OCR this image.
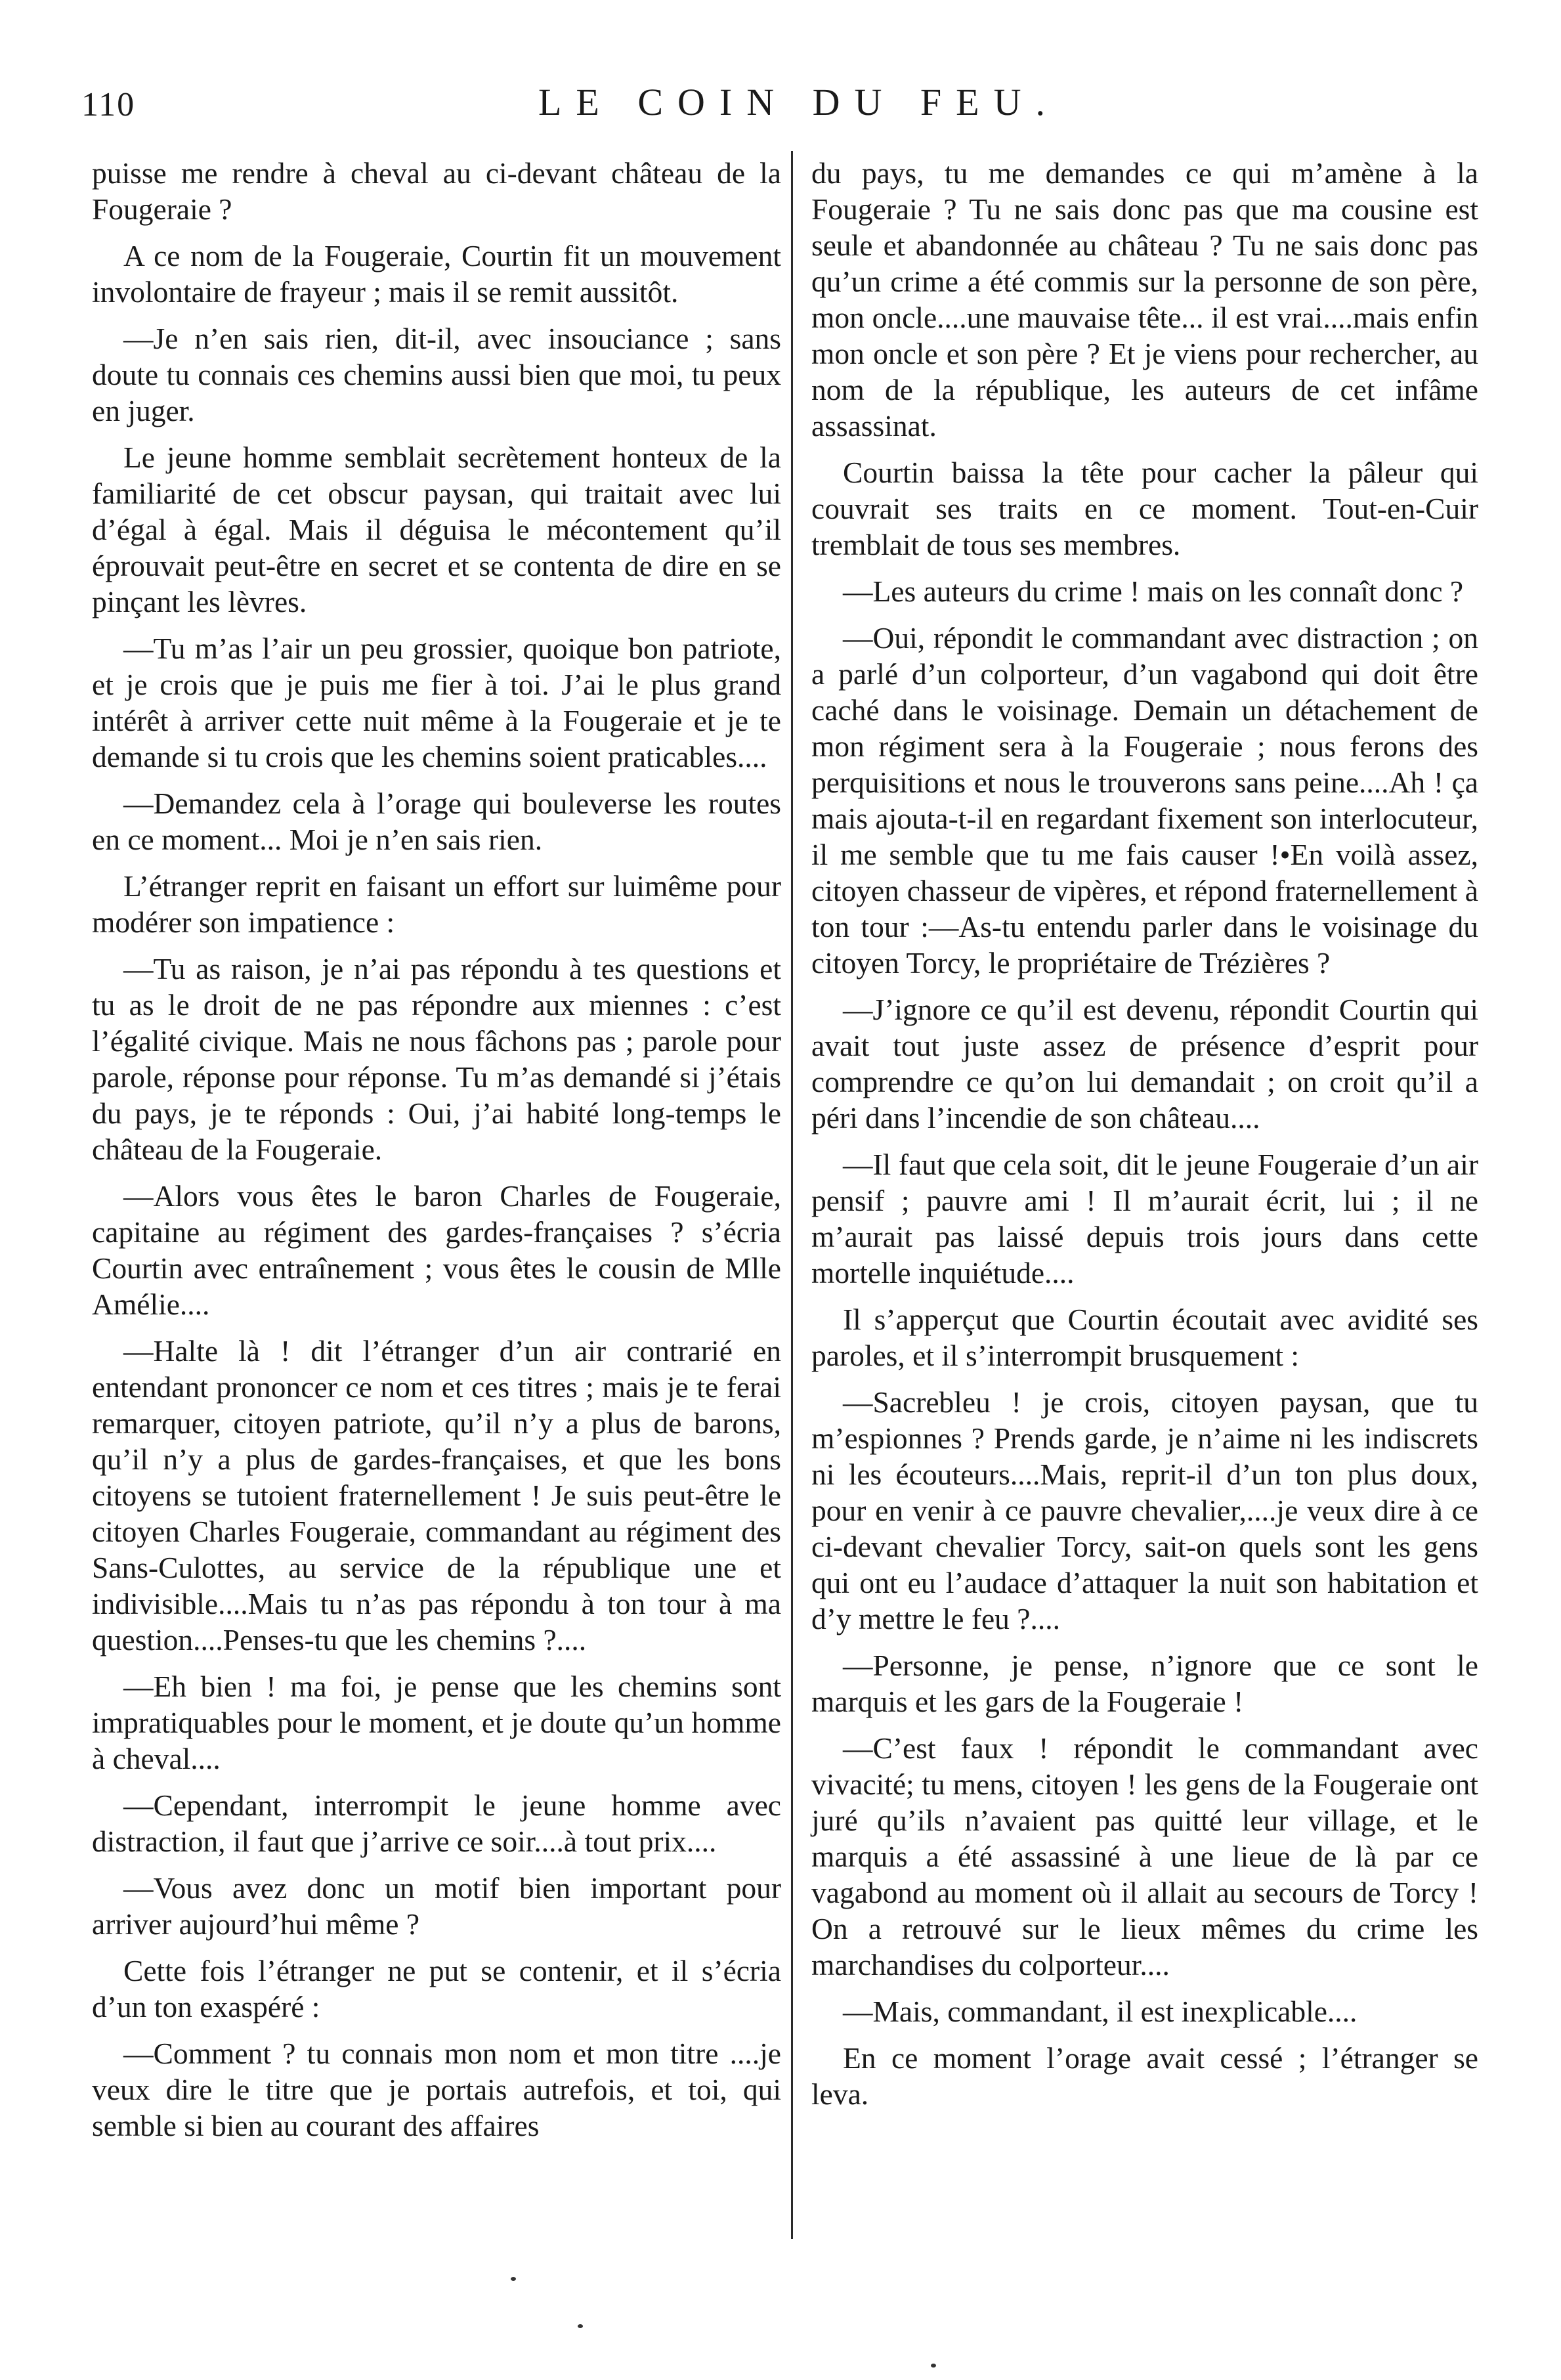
110	LE COIN DU FEU.

puisse me rendre à cheval au ci-devant château de la Fougeraie ?

A ce nom de la Fougeraie, Courtin fit un mouvement involontaire de frayeur ; mais il se remit aussitôt.

—Je n’en sais rien, dit-il, avec insouciance ; sans doute tu connais ces chemins aussi bien que moi, tu peux en juger.

Le jeune homme semblait secrètement honteux de la familiarité de cet obscur paysan, qui traitait avec lui d’égal à égal. Mais il déguisa le mécontement qu’il éprouvait peut-être en secret et se contenta de dire en se pinçant les lèvres.

—Tu m’as l’air un peu grossier, quoique bon patriote, et je crois que je puis me fier à toi. J’ai le plus grand intérêt à arriver cette nuit même à la Fougeraie et je te demande si tu crois que les chemins soient praticables....

—Demandez cela à l’orage qui bouleverse les routes en ce moment... Moi je n’en sais rien.

L’étranger reprit en faisant un effort sur luimême pour modérer son impatience :

—Tu as raison, je n’ai pas répondu à tes questions et tu as le droit de ne pas répondre aux miennes : c’est l’égalité civique. Mais ne nous fâchons pas ; parole pour parole, réponse pour réponse. Tu m’as demandé si j’étais du pays, je te réponds : Oui, j’ai habité long-temps le château de la Fougeraie.

—Alors vous êtes le baron Charles de Fougeraie, capitaine au régiment des gardes-françaises ? s’écria Courtin avec entraînement ; vous êtes le cousin de Mlle Amélie....

—Halte là ! dit l’étranger d’un air contrarié en entendant prononcer ce nom et ces titres ; mais je te ferai remarquer, citoyen patriote, qu’il n’y a plus de barons, qu’il n’y a plus de gardes-françaises, et que les bons citoyens se tutoient fraternellement ! Je suis peut-être le citoyen Charles Fougeraie, commandant au régiment des Sans-Culottes, au service de la république une et indivisible....Mais tu n’as pas répondu à ton tour à ma question....Penses-tu que les chemins ?....

—Eh bien ! ma foi, je pense que les chemins sont impratiquables pour le moment, et je doute qu’un homme à cheval....

—Cependant, interrompit le jeune homme avec distraction, il faut que j’arrive ce soir....à tout prix....

—Vous avez donc un motif bien important pour arriver aujourd’hui même ?

Cette fois l’étranger ne put se contenir, et il s’écria d’un ton exaspéré :

—Comment ? tu connais mon nom et mon titre ....je veux dire le titre que je portais autrefois, et toi, qui semble si bien au courant des affaires

du pays, tu me demandes ce qui m’amène à la Fougeraie ? Tu ne sais donc pas que ma cousine est seule et abandonnée au château ? Tu ne sais donc pas qu’un crime a été commis sur la personne de son père, mon oncle....une mauvaise tête... il est vrai....mais enfin mon oncle et son père ? Et je viens pour rechercher, au nom de la république, les auteurs de cet infâme assassinat.

Courtin baissa la tête pour cacher la pâleur qui couvrait ses traits en ce moment. Tout-en-Cuir tremblait de tous ses membres.

—Les auteurs du crime ! mais on les connaît donc ?

—Oui, répondit le commandant avec distraction ; on a parlé d’un colporteur, d’un vagabond qui doit être caché dans le voisinage. Demain un détachement de mon régiment sera à la Fougeraie ; nous ferons des perquisitions et nous le trouverons sans peine....Ah ! ça mais ajouta-t-il en regardant fixement son interlocuteur, il me semble que tu me fais causer !•En voilà assez, citoyen chasseur de vipères, et répond fraternellement à ton tour :—As-tu entendu parler dans le voisinage du citoyen Torcy, le propriétaire de Trézières ?

—J’ignore ce qu’il est devenu, répondit Courtin qui avait tout juste assez de présence d’esprit pour comprendre ce qu’on lui demandait ; on croit qu’il a péri dans l’incendie de son château....

—Il faut que cela soit, dit le jeune Fougeraie d’un air pensif ; pauvre ami ! Il m’aurait écrit, lui ; il ne m’aurait pas laissé depuis trois jours dans cette mortelle inquiétude....

Il s’apperçut que Courtin écoutait avec avidité ses paroles, et il s’interrompit brusquement :

—Sacrebleu ! je crois, citoyen paysan, que tu m’espionnes ? Prends garde, je n’aime ni les indiscrets ni les écouteurs....Mais, reprit-il d’un ton plus doux, pour en venir à ce pauvre chevalier,....je veux dire à ce ci-devant chevalier Torcy, sait-on quels sont les gens qui ont eu l’audace d’attaquer la nuit son habitation et d’y mettre le feu ?....

—Personne, je pense, n’ignore que ce sont le marquis et les gars de la Fougeraie !

—C’est faux ! répondit le commandant avec vivacité; tu mens, citoyen ! les gens de la Fougeraie ont juré qu’ils n’avaient pas quitté leur village, et le marquis a été assassiné à une lieue de là par ce vagabond au moment où il allait au secours de Torcy ! On a retrouvé sur le lieux mêmes du crime les marchandises du colporteur....

—Mais, commandant, il est inexplicable....

En ce moment l’orage avait cessé ; l’étranger se leva.
